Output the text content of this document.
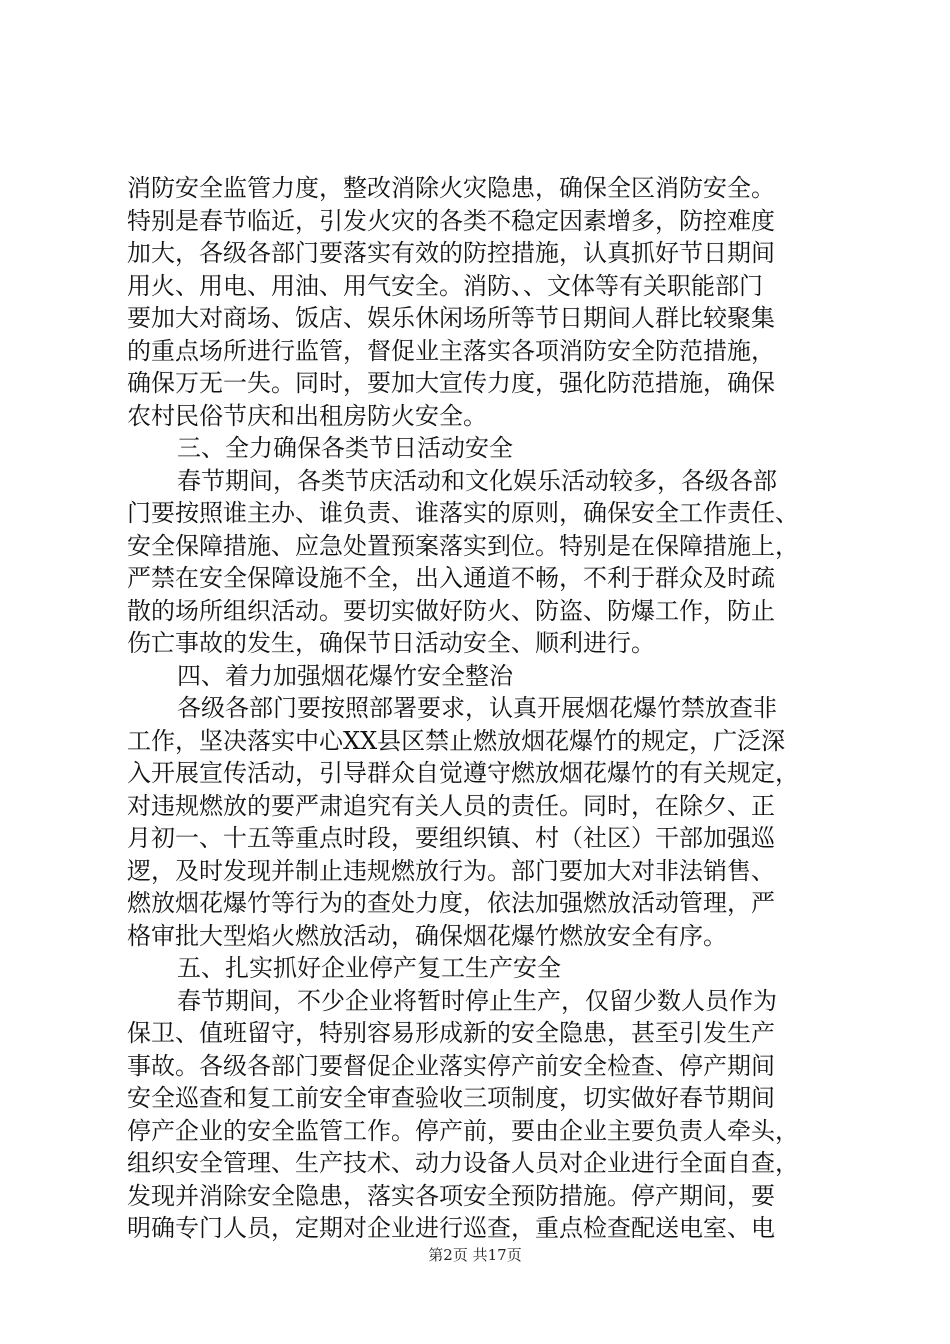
消防安全监管力度，整改消除火灾隐患，确保全区消防安全。
特别是春节临近，引发火灾的各类不稳定因素增多，防控难度
加大，各级各部门要落实有效的防控措施，认真抓好节日期间
用火、用电、用油、用气安全。消防、、文体等有关职能部门
要加大对商场、饭店、娱乐休闲场所等节日期间人群比较聚集
的重点场所进行监管，督促业主落实各项消防安全防范措施，
确保万无一失。同时，要加大宣传力度，强化防范措施，确保
农村民俗节庆和出租房防火安全。
三、全力确保各类节日活动安全
春节期间，各类节庆活动和文化娱乐活动较多，各级各部
门要按照谁主办、谁负责、谁落实的原则，确保安全工作责任、
安全保障措施、应急处置预案落实到位。特别是在保障措施上，
严禁在安全保障设施不全，出入通道不畅，不利于群众及时疏
散的场所组织活动。要切实做好防火、防盗、防爆工作，防止
伤亡事故的发生，确保节日活动安全、顺利进行。
四、着力加强烟花爆竹安全整治
各级各部门要按照部署要求，认真开展烟花爆竹禁放查非
工作，坚决落实中心XX县区禁止燃放烟花爆竹的规定，广泛深
入开展宣传活动，引导群众自觉遵守燃放烟花爆竹的有关规定，
对违规燃放的要严肃追究有关人员的责任。同时，在除夕、正
月初一、十五等重点时段，要组织镇、村（社区）干部加强巡
逻，及时发现并制止违规燃放行为。部门要加大对非法销售、
燃放烟花爆竹等行为的查处力度，依法加强燃放活动管理，严
格审批大型焰火燃放活动，确保烟花爆竹燃放安全有序。
五、扎实抓好企业停产复工生产安全
春节期间，不少企业将暂时停止生产，仅留少数人员作为
保卫、值班留守，特别容易形成新的安全隐患，甚至引发生产
事故。各级各部门要督促企业落实停产前安全检查、停产期间
安全巡查和复工前安全审查验收三项制度，切实做好春节期间
停产企业的安全监管工作。停产前，要由企业主要负责人牵头，
组织安全管理、生产技术、动力设备人员对企业进行全面自查，
发现并消除安全隐患，落实各项安全预防措施。停产期间，要
明确专门人员，定期对企业进行巡查，重点检查配送电室、电
第2页 共17页
